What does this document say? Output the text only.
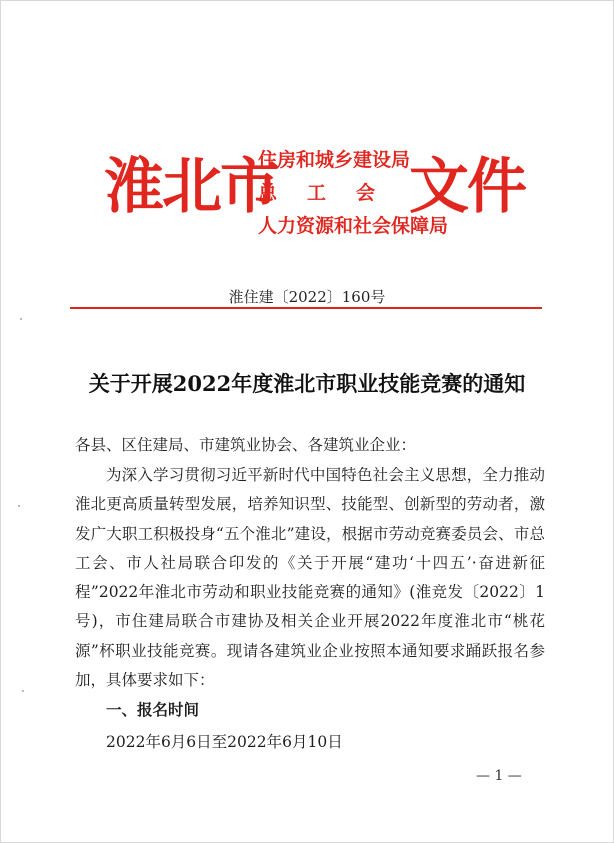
淮北市
住房和城乡建设局
总工会
人力资源和社会保障局
文件
淮住建〔2022〕160号
关于开展2022年度淮北市职业技能竞赛的通知
各县、区住建局、市建筑业协会、各建筑业企业：
为深入学习贯彻习近平新时代中国特色社会主义思想，全力推动淮北更高质量转型发展，培养知识型、技能型、创新型的劳动者，激发广大职工积极投身“五个淮北”建设，根据市劳动竞赛委员会、市总工会、市人社局联合印发的《关于开展“建功‘十四五’·奋进新征程”2022年淮北市劳动和职业技能竞赛的通知》(淮竞发〔2022〕1号)，市住建局联合市建协及相关企业开展2022年度淮北市“桃花源”杯职业技能竞赛。现请各建筑业企业按照本通知要求踊跃报名参加，具体要求如下：
一、报名时间
2022年6月6日至2022年6月10日
— 1 —
